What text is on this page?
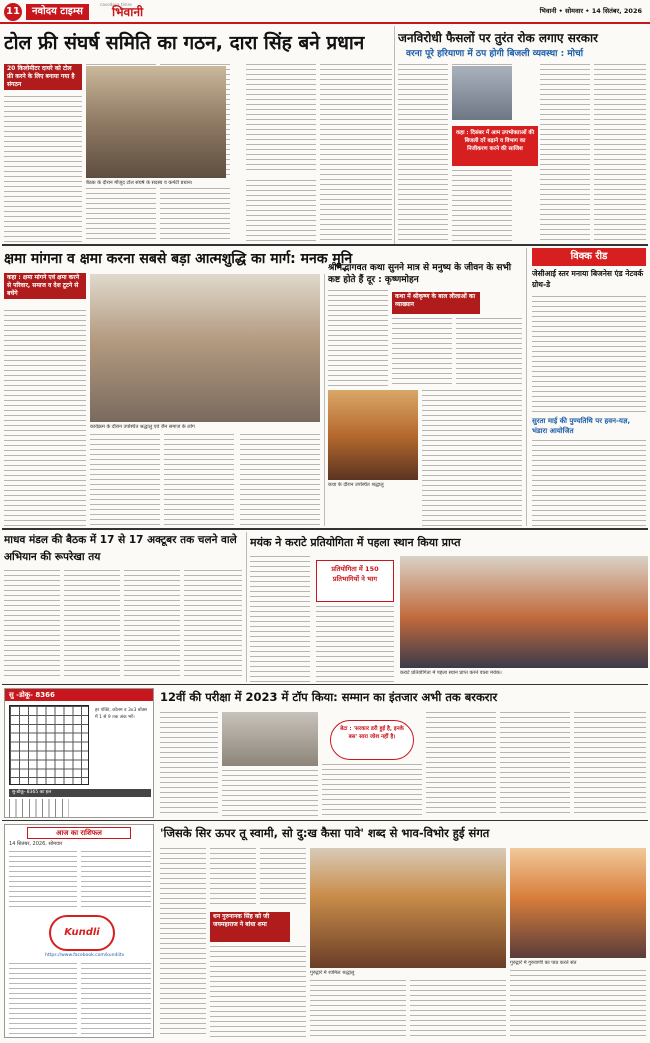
11	नवोदय टाइम्स
navodaya times
भिवानी	भिवानी • सोमवार • 14 सितंबर, 2026
टोल फ्री संघर्ष समिति का गठन, दारा सिंह बने प्रधान
20 किलोमीटर दायरे को टोल फ्री करने के लिए बनाया गया है संगठन
बैठक के दौरान मौजूद टोल संघर्ष के सदस्य व कमेटी प्रधान।
जनविरोधी फैसलों पर तुरंत रोक लगाए सरकार
वरना पूरे हरियाणा में ठप होगी बिजली व्यवस्था : मोर्चा
कहा : दिसंबर में आम उपभोक्ताओं की बिजली दरें बढ़ाने व विभाग का निजीकरण करने की साजिश
क्षमा मांगना व क्षमा करना सबसे बड़ा आत्मशुद्धि का मार्ग: मनक मुनि
कहा : क्षमा मांगने एवं क्षमा करने से परिवार, समाज व देश टूटने से बचेंगे
कार्यक्रम के दौरान उपस्थित श्रद्धालु एवं जैन समाज के लोग
श्रीमद्भागवत कथा सुनने मात्र से मनुष्य के जीवन के सभी कष्ट होते हैं दूर : कृष्णमोहन
कथा में श्रीकृष्ण के बाल लीलाओं का व्याख्यान
कथा के दौरान उपस्थित श्रद्धालु
विक्‍क रीड
जेसीआई स्तर मनाया बिजनेस एंड नेटवर्क ग्रोथ-डे
सुरता माई की पुण्यतिथि पर हवन-यज्ञ, भंडारा आयोजित
माधव मंडल की बैठक में 17 से 17 अक्टूबर तक चलने वाले अभियान की रूपरेखा तय
मयंक ने कराटे प्रतियोगिता में पहला स्थान किया प्राप्त
प्रतियोगिता में 150 प्रतिभागियों ने भाग
कराटे प्रतियोगिता में पहला स्थान प्राप्त करने वाला मयंक।
सु -डोकू- 8366
हर पंक्ति, कॉलम व 3x3 बॉक्स में 1 से 9 तक अंक भरें।
सु-डोकू- 8365 का हल
12वीं की परीक्षा में 2023 में टॉप किया: सम्मान का इंतजार अभी तक बरकरार
बेटा : 'सरकार डरी हुई है, इनके बस' सारा जोश नहीं है।
आज का राशिफल
14 सितंबर, 2026, सोमवार
Kundli
https://www.facebook.com/kundlitv
'जिसके सिर ऊपर तू स्वामी, सो दु:ख कैसा पावे' शब्द से भाव-विभोर हुई संगत
धन गुरुनानक सिंह को जी जयमहाराज ने बांधा शमा
गुरुद्वारे में शामिल श्रद्धालु
गुरुद्वारे में गुरुवाणी का पाठ करते संत
